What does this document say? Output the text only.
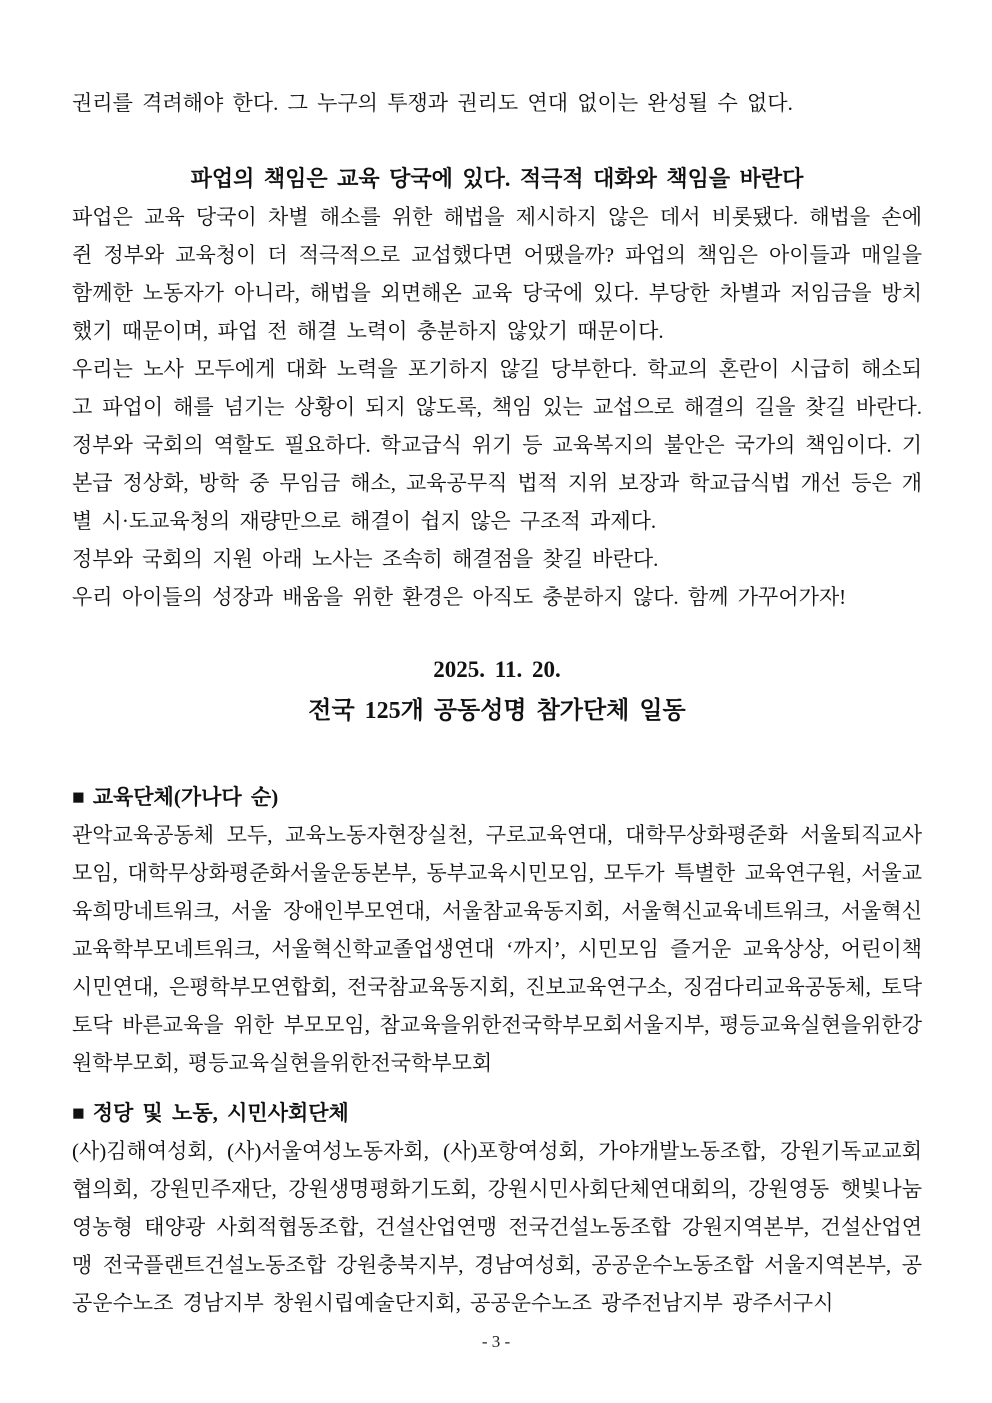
권리를 격려해야 한다. 그 누구의 투쟁과 권리도 연대 없이는 완성될 수 없다.

파업의 책임은 교육 당국에 있다. 적극적 대화와 책임을 바란다

파업은 교육 당국이 차별 해소를 위한 해법을 제시하지 않은 데서 비롯됐다. 해법을 손에 쥔 정부와 교육청이 더 적극적으로 교섭했다면 어땠을까? 파업의 책임은 아이들과 매일을 함께한 노동자가 아니라, 해법을 외면해온 교육 당국에 있다. 부당한 차별과 저임금을 방치했기 때문이며, 파업 전 해결 노력이 충분하지 않았기 때문이다.

우리는 노사 모두에게 대화 노력을 포기하지 않길 당부한다. 학교의 혼란이 시급히 해소되고 파업이 해를 넘기는 상황이 되지 않도록, 책임 있는 교섭으로 해결의 길을 찾길 바란다. 정부와 국회의 역할도 필요하다. 학교급식 위기 등 교육복지의 불안은 국가의 책임이다. 기본급 정상화, 방학 중 무임금 해소, 교육공무직 법적 지위 보장과 학교급식법 개선 등은 개별 시·도교육청의 재량만으로 해결이 쉽지 않은 구조적 과제다.

정부와 국회의 지원 아래 노사는 조속히 해결점을 찾길 바란다.

우리 아이들의 성장과 배움을 위한 환경은 아직도 충분하지 않다. 함께 가꾸어가자!

2025. 11. 20.

전국 125개 공동성명 참가단체 일동

■ 교육단체(가나다 순)

관악교육공동체 모두, 교육노동자현장실천, 구로교육연대, 대학무상화평준화 서울퇴직교사모임, 대학무상화평준화서울운동본부, 동부교육시민모임, 모두가 특별한 교육연구원, 서울교육희망네트워크, 서울 장애인부모연대, 서울참교육동지회, 서울혁신교육네트워크, 서울혁신교육학부모네트워크, 서울혁신학교졸업생연대 ‘까지’, 시민모임 즐거운 교육상상, 어린이책시민연대, 은평학부모연합회, 전국참교육동지회, 진보교육연구소, 징검다리교육공동체, 토닥토닥 바른교육을 위한 부모모임, 참교육을위한전국학부모회서울지부, 평등교육실현을위한강원학부모회, 평등교육실현을위한전국학부모회

■ 정당 및 노동, 시민사회단체

(사)김해여성회, (사)서울여성노동자회, (사)포항여성회, 가야개발노동조합, 강원기독교교회협의회, 강원민주재단, 강원생명평화기도회, 강원시민사회단체연대회의, 강원영동 햇빛나눔 영농형 태양광 사회적협동조합, 건설산업연맹 전국건설노동조합 강원지역본부, 건설산업연맹 전국플랜트건설노동조합 강원충북지부, 경남여성회, 공공운수노동조합 서울지역본부, 공공운수노조 경남지부 창원시립예술단지회, 공공운수노조 광주전남지부 광주서구시

- 3 -
